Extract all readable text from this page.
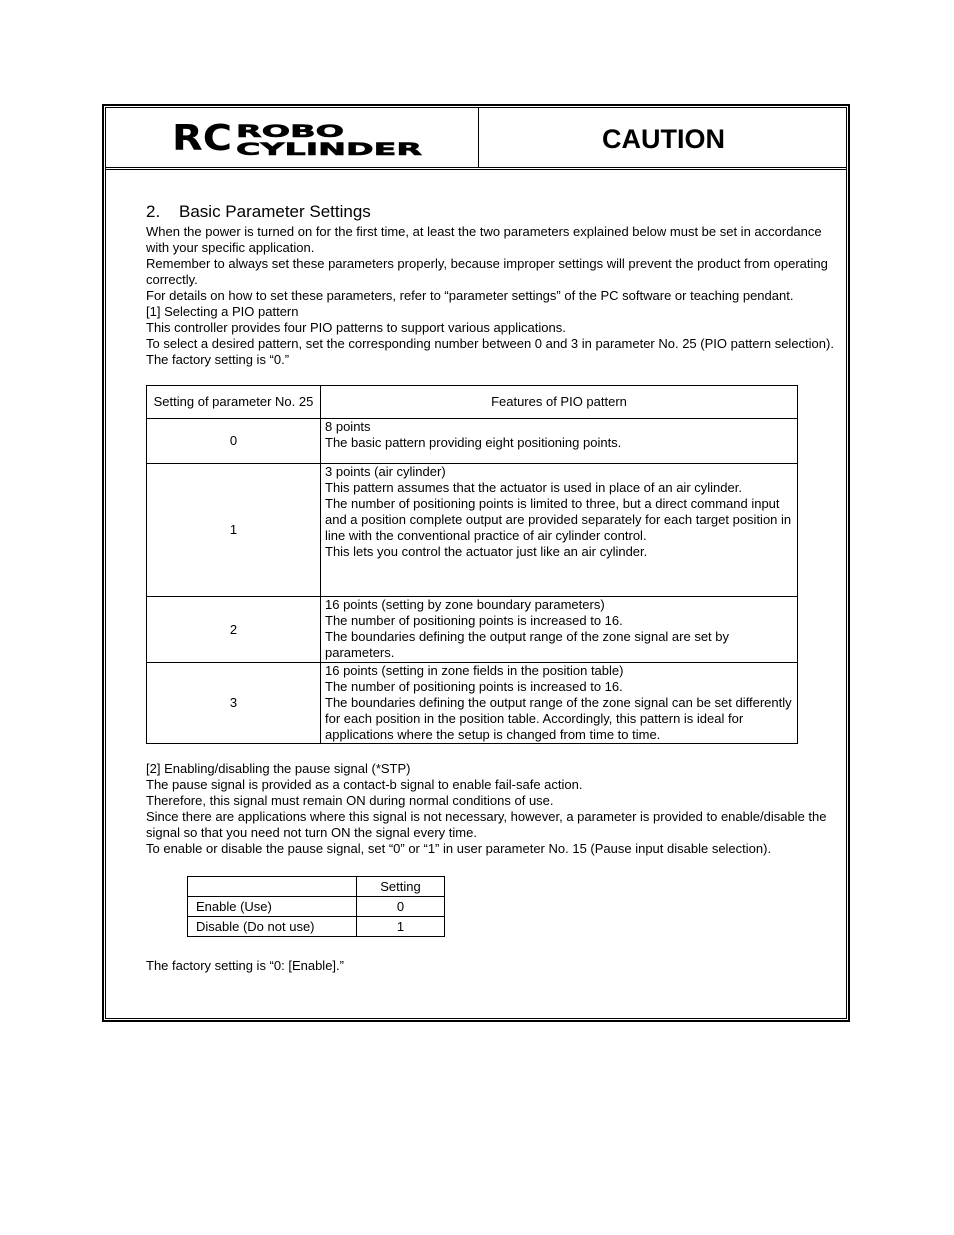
RC ROBO
CYLINDER	CAUTION
2. Basic Parameter Settings

When the power is turned on for the first time, at least the two parameters explained below must be set in accordance with your specific application.

Remember to always set these parameters properly, because improper settings will prevent the product from operating correctly.

For details on how to set these parameters, refer to “parameter settings” of the PC software or teaching pendant.

[1] Selecting a PIO pattern

This controller provides four PIO patterns to support various applications.

To select a desired pattern, set the corresponding number between 0 and 3 in parameter No. 25 (PIO pattern selection).

The factory setting is “0.”

Setting of parameter No. 25	Features of PIO pattern
0	8 points
The basic pattern providing eight positioning points.

1	3 points (air cylinder)
This pattern assumes that the actuator is used in place of an air cylinder.
The number of positioning points is limited to three, but a direct command input and a position complete output are provided separately for each target position in line with the conventional practice of air cylinder control.
This lets you control the actuator just like an air cylinder.

2	16 points (setting by zone boundary parameters)
The number of positioning points is increased to 16.
The boundaries defining the output range of the zone signal are set by parameters.

3	16 points (setting in zone fields in the position table)
The number of positioning points is increased to 16.
The boundaries defining the output range of the zone signal can be set differently for each position in the position table. Accordingly, this pattern is ideal for applications where the setup is changed from time to time.

[2] Enabling/disabling the pause signal (*STP)

The pause signal is provided as a contact-b signal to enable fail-safe action.

Therefore, this signal must remain ON during normal conditions of use.

Since there are applications where this signal is not necessary, however, a parameter is provided to enable/disable the signal so that you need not turn ON the signal every time.

To enable or disable the pause signal, set “0” or “1” in user parameter No. 15 (Pause input disable selection).

	Setting
Enable (Use)	0
Disable (Do not use)	1

The factory setting is “0: [Enable].”
